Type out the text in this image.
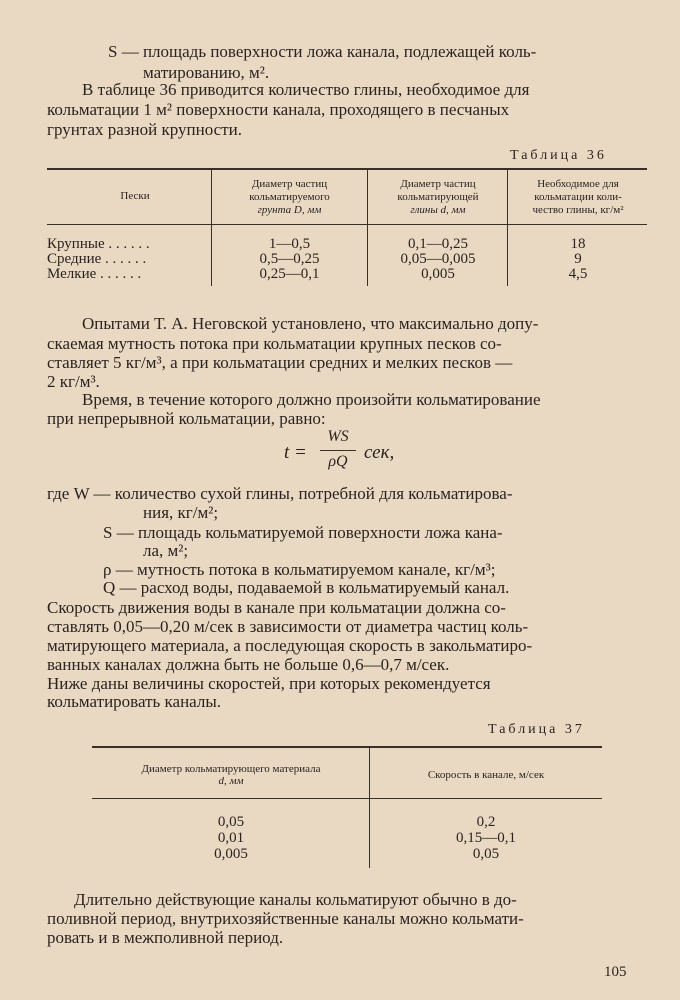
S — площадь поверхности ложа канала, подлежащей коль-
матированию, м².
В таблице 36 приводится количество глины, необходимое для
кольматации 1 м² поверхности канала, проходящего в песчаных
грунтах разной крупности.
Таблица 36
Пески
Диаметр частиц
кольматируемого
грунта D, мм
Диаметр частиц
кольматирующей
глины d, мм
Необходимое для
кольматации коли-
чество глины, кг/м²
Крупные . . . . . .	1—0,5	0,1—0,25	18
Средние . . . . . .	0,5—0,25	0,05—0,005	9
Мелкие . . . . . .	0,25—0,1	0,005	4,5
Опытами Т. А. Неговской установлено, что максимально допу-
скаемая мутность потока при кольматации крупных песков со-
ставляет 5 кг/м³, а при кольматации средних и мелких песков —
2 кг/м³.
Время, в течение которого должно произойти кольматирование
при непрерывной кольматации, равно:
t =
WS
ρQ сек,
где W — количество сухой глины, потребной для кольматирова-
ния, кг/м²;
S — площадь кольматируемой поверхности ложа кана-
ла, м²;
ρ — мутность потока в кольматируемом канале, кг/м³;
Q — расход воды, подаваемой в кольматируемый канал.
Скорость движения воды в канале при кольматации должна со-
ставлять 0,05—0,20 м/сек в зависимости от диаметра частиц коль-
матирующего материала, а последующая скорость в закольматиро-
ванных каналах должна быть не больше 0,6—0,7 м/сек.
Ниже даны величины скоростей, при которых рекомендуется
кольматировать каналы.
Таблица 37
Диаметр кольматирующего материала
d, мм	Скорость в канале, м/сек
0,05	0,2
0,01	0,15—0,1
0,005	0,05
Длительно действующие каналы кольматируют обычно в до-
поливной период, внутрихозяйственные каналы можно кольмати-
ровать и в межполивной период.
105
